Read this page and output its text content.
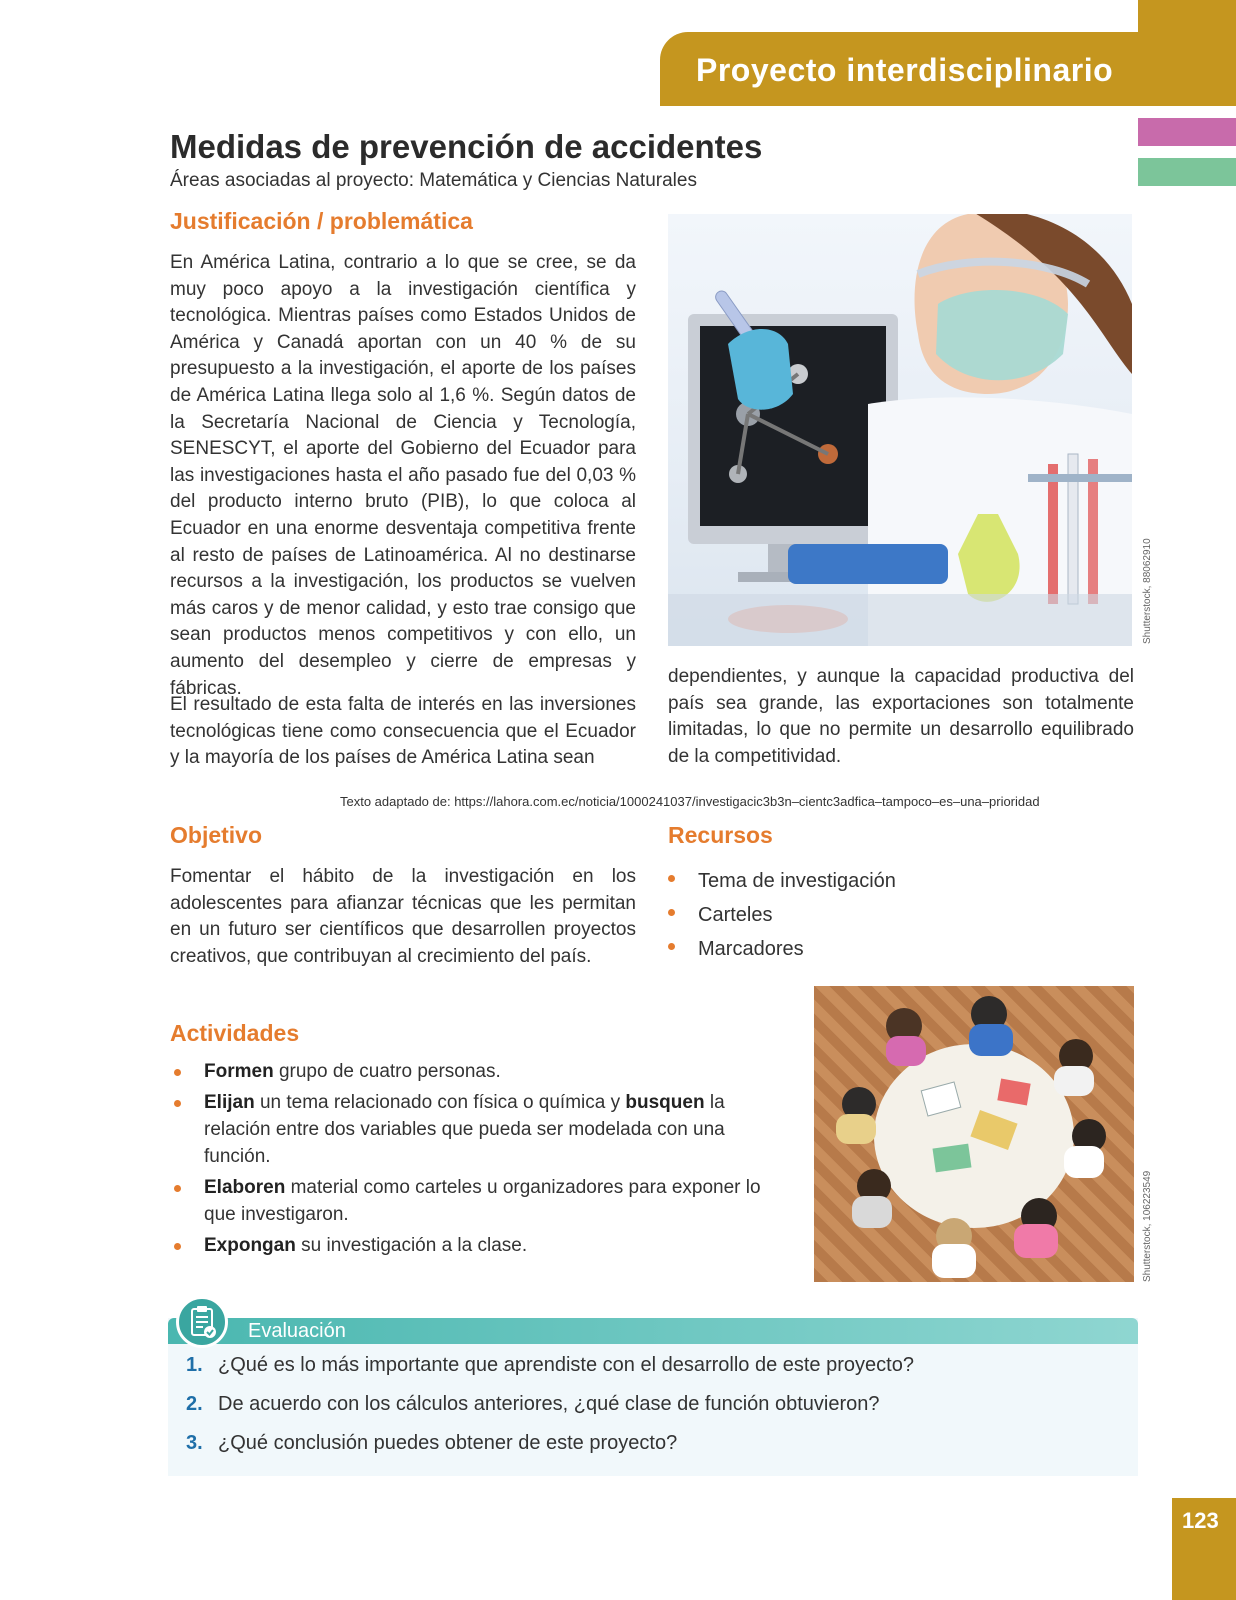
Proyecto interdisciplinario
Medidas de prevención de accidentes
Áreas asociadas al proyecto: Matemática y Ciencias Naturales
Justificación / problemática

En América Latina, contrario a lo que se cree, se da muy poco apoyo a la investigación científica y tecnológica. Mientras países como Estados Unidos de América y Canadá aportan con un 40 % de su presupuesto a la investigación, el aporte de los países de América Latina llega solo al 1,6 %. Según datos de la Secretaría Nacional de Ciencia y Tecnología, SENESCYT, el aporte del Gobierno del Ecuador para las investigaciones hasta el año pasado fue del 0,03 % del producto interno bruto (PIB), lo que coloca al Ecuador en una enorme desventaja competitiva frente al resto de países de Latinoamérica. Al no destinarse recursos a la investigación, los productos se vuelven más caros y de menor calidad, y esto trae consigo que sean productos menos competitivos y con ello, un aumento del desempleo y cierre de empresas y fábricas.

El resultado de esta falta de interés en las inversiones tecnológicas tiene como consecuencia que el Ecuador y la mayoría de los países de América Latina sean

dependientes, y aunque la capacidad productiva del país sea grande, las exportaciones son totalmente limitadas, lo que no permite un desarrollo equilibrado de la competitividad.

Shutterstock, 88062910
Texto adaptado de: https://lahora.com.ec/noticia/1000241037/investigacic3b3n–cientc3adfica–tampoco–es–una–prioridad
Objetivo

Fomentar el hábito de la investigación en los adolescentes para afianzar técnicas que les permitan en un futuro ser científicos que desarrollen proyectos creativos, que contribuyan al crecimiento del país.

Recursos
Tema de investigación
Carteles
Marcadores
Shutterstock, 106223549
Actividades
Formen grupo de cuatro personas.
Elijan un tema relacionado con física o química y busquen la relación entre dos variables que pueda ser modelada con una función.
Elaboren material como carteles u organizadores para exponer lo que investigaron.
Expongan su investigación a la clase.
Evaluación
1. ¿Qué es lo más importante que aprendiste con el desarrollo de este proyecto?
2. De acuerdo con los cálculos anteriores, ¿qué clase de función obtuvieron?
3. ¿Qué conclusión puedes obtener de este proyecto?
123
